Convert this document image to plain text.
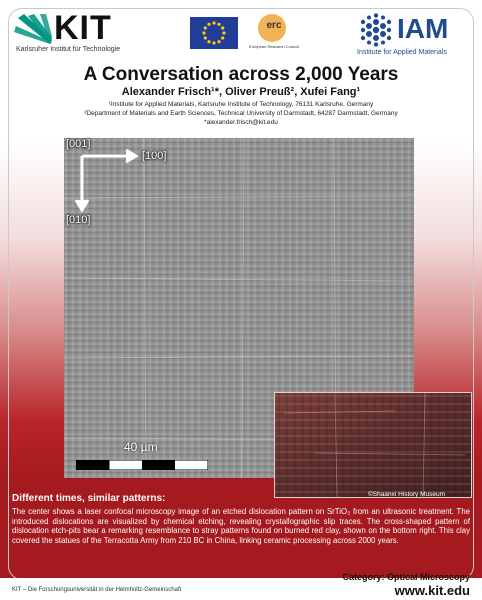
KIT
Karlsruher Institut für Technologie
erc
European Research Council
IAM
Institute for Applied Materials
A Conversation across 2,000 Years
Alexander Frisch¹*, Oliver Preuß², Xufei Fang¹
¹Institute for Applied Materials, Karlsruhe Institute of Technology, 76131 Karlsruhe, Germany
²Department of Materials and Earth Sciences, Technical University of Darmstadt, 64287 Darmstadt, Germany
*alexander.frisch@kit.edu
[001]
[100]
[010]
40 µm
©Shaanxi History Museum
Different times, similar patterns:
The center shows a laser confocal microscopy image of an etched dislocation pattern on SrTiO₃ from an ultrasonic treatment. The introduced dislocations are visualized by chemical etching, revealing crystallographic slip traces. The cross-shaped pattern of dislocation etch-pits bear a remarking resemblance to stray patterns found on burned red clay, shown on the bottom right. This clay covered the statues of the Terracotta Army from 210 BC in China, linking ceramic processing across 2000 years.
KIT – Die Forschungsuniversität in der Helmholtz-Gemeinschaft
Category: Optical Microscopy
www.kit.edu
